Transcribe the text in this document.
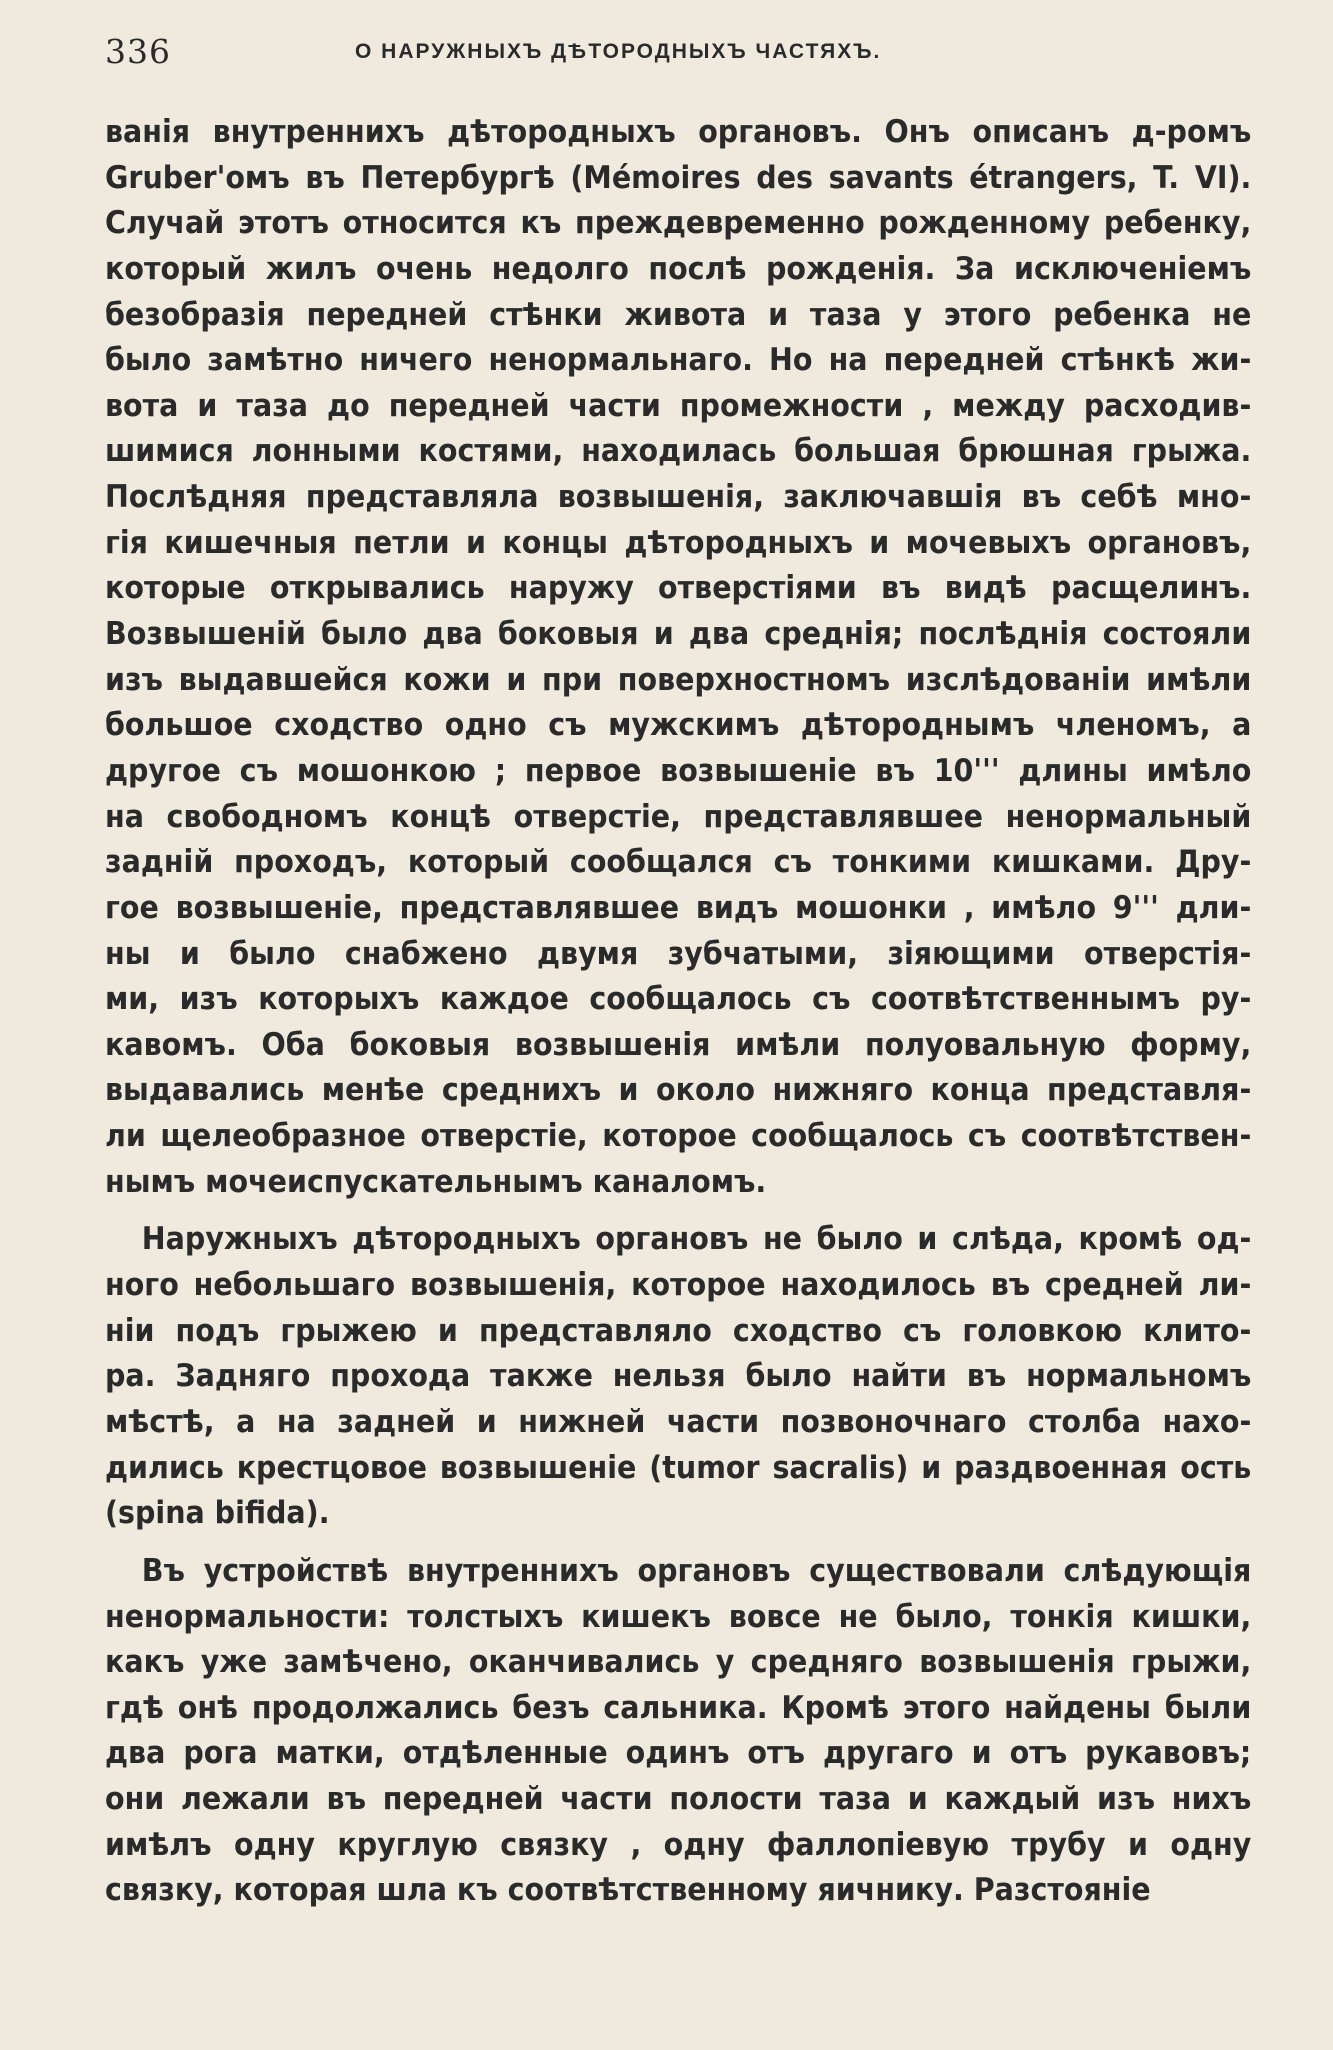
336	О НАРУЖНЫХЪ ДѢТОРОДНЫХЪ ЧАСТЯХЪ.
ванія внутреннихъ дѣтородныхъ органовъ. Онъ описанъ д-ромъ
Gruber'омъ въ Петербургѣ (Mémoires des savants étrangers, T. VI).
Случай этотъ относится къ преждевременно рожденному ребенку,
который жилъ очень недолго послѣ рожденія. За исключеніемъ
безобразія передней стѣнки живота и таза у этого ребенка не
было замѣтно ничего ненормальнаго. Но на передней стѣнкѣ жи-
вота и таза до передней части промежности , между расходив-
шимися лонными костями, находилась большая брюшная грыжа.
Послѣдняя представляла возвышенія, заключавшія въ себѣ мно-
гія кишечныя петли и концы дѣтородныхъ и мочевыхъ органовъ,
которые открывались наружу отверстіями въ видѣ расщелинъ.
Возвышеній было два боковыя и два среднія; послѣднія состояли
изъ выдавшейся кожи и при поверхностномъ изслѣдованіи имѣли
большое сходство одно съ мужскимъ дѣтороднымъ членомъ, а
другое съ мошонкою ; первое возвышеніе въ 10''' длины имѣло
на свободномъ концѣ отверстіе, представлявшее ненормальный
задній проходъ, который сообщался съ тонкими кишками. Дру-
гое возвышеніе, представлявшее видъ мошонки , имѣло 9''' дли-
ны и было снабжено двумя зубчатыми, зіяющими отверстія-
ми, изъ которыхъ каждое сообщалось съ соотвѣтственнымъ ру-
кавомъ. Оба боковыя возвышенія имѣли полуовальную форму,
выдавались менѣе среднихъ и около нижняго конца представля-
ли щелеобразное отверстіе, которое сообщалось съ соотвѣтствен-
нымъ мочеиспускательнымъ каналомъ.
Наружныхъ дѣтородныхъ органовъ не было и слѣда, кромѣ од-
ного небольшаго возвышенія, которое находилось въ средней ли-
ніи подъ грыжею и представляло сходство съ головкою клито-
ра. Задняго прохода также нельзя было найти въ нормальномъ
мѣстѣ, а на задней и нижней части позвоночнаго столба нахо-
дились крестцовое возвышеніе (tumor sacralis) и раздвоенная ость
(spina bifida).
Въ устройствѣ внутреннихъ органовъ существовали слѣдующія
ненормальности: толстыхъ кишекъ вовсе не было, тонкія кишки,
какъ уже замѣчено, оканчивались у средняго возвышенія грыжи,
гдѣ онѣ продолжались безъ сальника. Кромѣ этого найдены были
два рога матки, отдѣленные одинъ отъ другаго и отъ рукавовъ;
они лежали въ передней части полости таза и каждый изъ нихъ
имѣлъ одну круглую связку , одну фаллопіевую трубу и одну
связку, которая шла къ соотвѣтственному яичнику. Разстояніе
